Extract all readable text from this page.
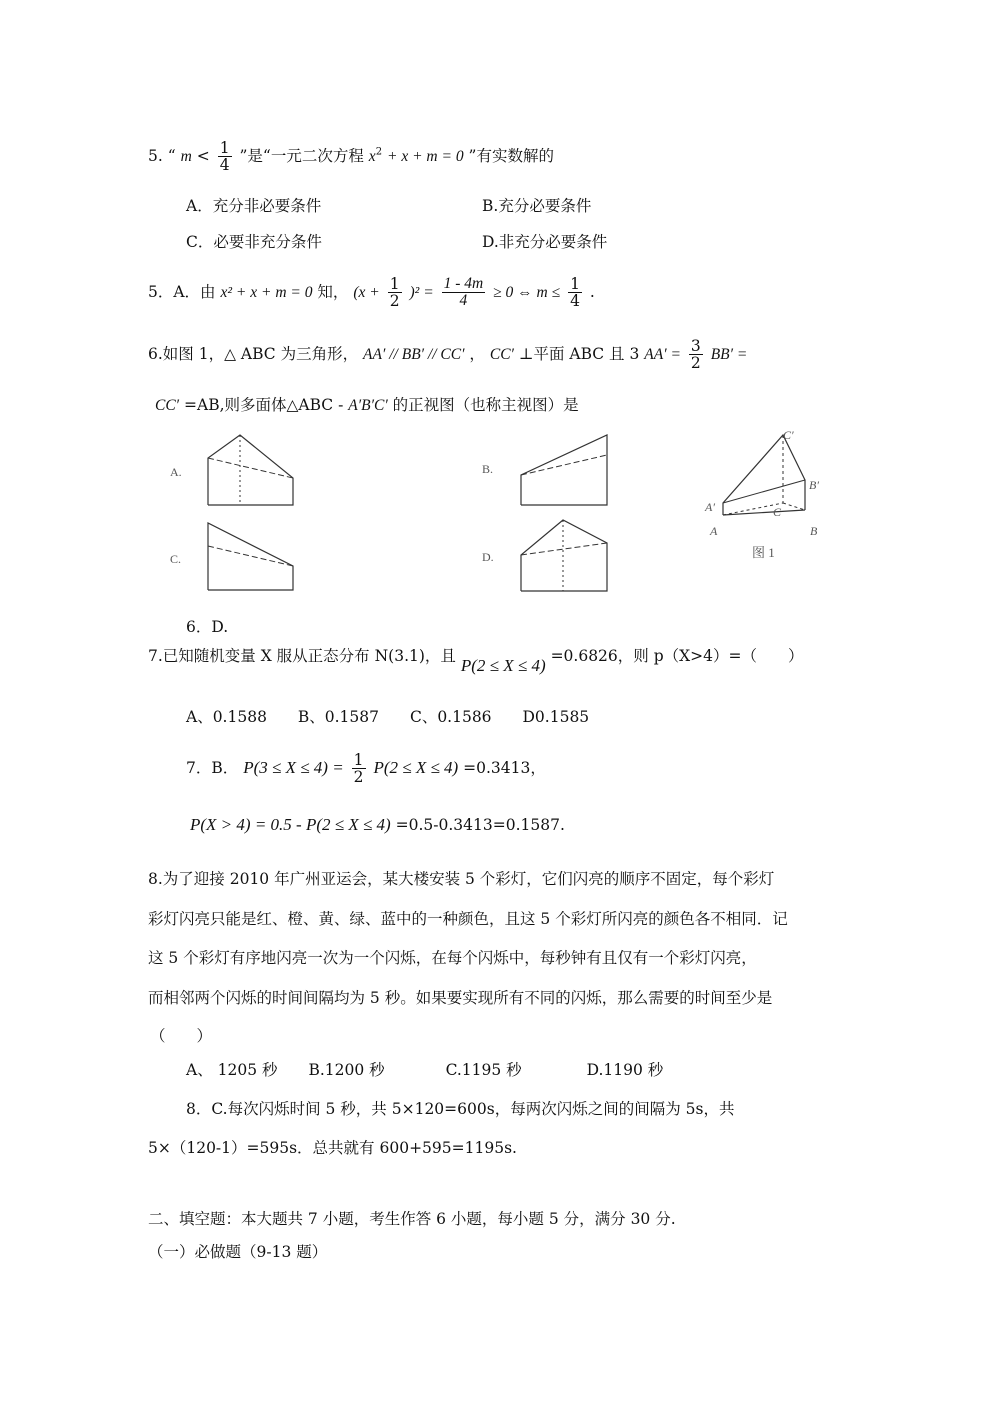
5. “ $m < \frac{1}{4}$ ”是“一元二次方程 $x^2 + x + m = 0$ ”有实数解的
A．充分非必要条件	B.充分必要条件
C．必要非充分条件	D.非充分必要条件
5．A．由 x² + x + m = 0 知， $(x + \frac{1}{2} )^2 = \frac{1 - 4m}{4} \ge 0$ ⇔ $m \le \frac{1}{4}$ .
6.如图 1，△ ABC 为三角形， AA′ // BB′ // CC′ ， CC′ ⊥平面 ABC 且 3 $AA' = \frac{3}{2} BB'$ =
CC′ =AB,则多面体△ABC - A′B′C′ 的正视图（也称主视图）是
A.	B.
C.	D.
C′
B′
A′
A	B
C
图 1
6．D.
7.已知随机变量 X 服从正态分布 N(3.1)，且 P(2 ≤ X ≤ 4) =0.6826，则 p（X>4）=（　　）
A、0.1588 B、0.1587 C、0.1586 D0.1585
7．B． $P(3 \le X \le 4) = \frac{1}{2} P(2 \le X \le 4) =0.3413$，
P(X > 4) = 0.5 - P(2 ≤ X ≤ 4) =0.5-0.3413=0.1587.
8.为了迎接 2010 年广州亚运会，某大楼安装 5 个彩灯，它们闪亮的顺序不固定，每个彩灯
彩灯闪亮只能是红、橙、黄、绿、蓝中的一种颜色，且这 5 个彩灯所闪亮的颜色各不相同．记
这 5 个彩灯有序地闪亮一次为一个闪烁，在每个闪烁中，每秒钟有且仅有一个彩灯闪亮，
而相邻两个闪烁的时间间隔均为 5 秒。如果要实现所有不同的闪烁，那么需要的时间至少是
（　　）
A、 1205 秒 B.1200 秒	C.1195 秒	D.1190 秒
8．C.每次闪烁时间 5 秒，共 5×120=600s，每两次闪烁之间的间隔为 5s，共
5×（120-1）=595s．总共就有 600+595=1195s.
二、填空题：本大题共 7 小题，考生作答 6 小题，每小题 5 分，满分 30 分.
（一）必做题（9-13 题）
